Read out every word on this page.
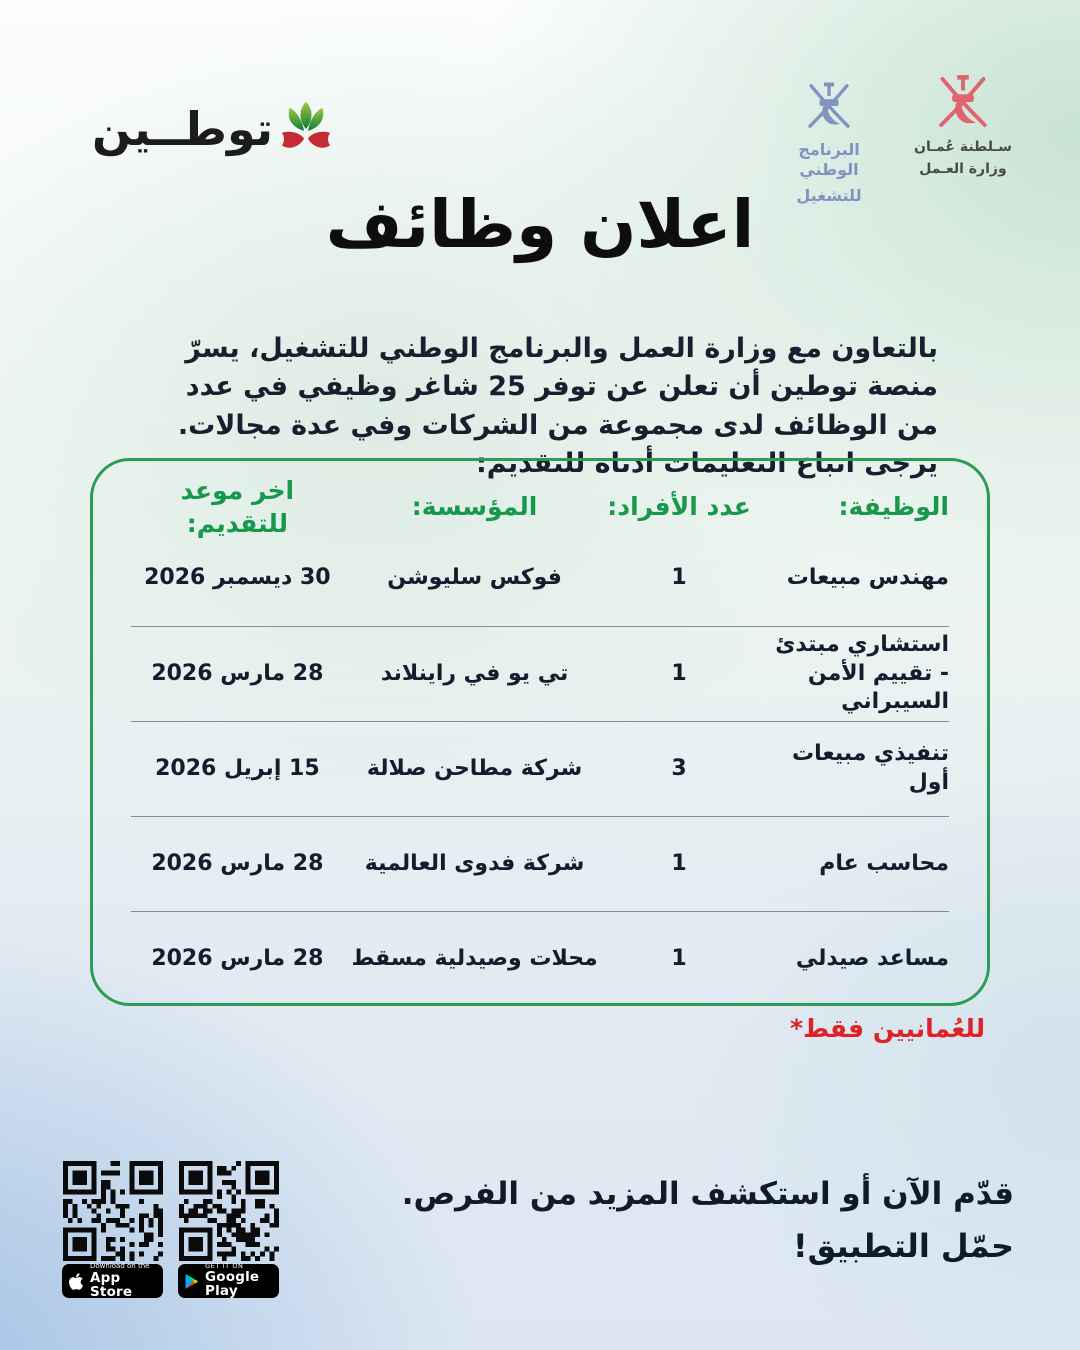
توطــين	البرنامج الوطني
للتشغيل
سـلطنة عُمـان
وزارة العـمل
اعلان وظائف

بالتعاون مع وزارة العمل والبرنامج الوطني للتشغيل، يسرّ منصة توطين أن تعلن عن توفر 25 شاغر وظيفي في عدد من الوظائف لدى مجموعة من الشركات وفي عدة مجالات.

يرجى اتباع التعليمات أدناه للتقديم:

الوظيفة:
عدد الأفراد:
المؤسسة:
اخر موعد للتقديم:
مهندس مبيعات
1
فوكس سليوشن
30 ديسمبر 2026
استشاري مبتدئ - تقييم الأمن السيبراني
1
تي يو في راينلاند
28 مارس 2026
تنفيذي مبيعات أول
3
شركة مطاحن صلالة
15 إبريل 2026
محاسب عام
1
شركة فدوى العالمية
28 مارس 2026
مساعد صيدلي
1
محلات وصيدلية مسقط
28 مارس 2026
للعُمانيين فقط*
قدّم الآن أو استكشف المزيد من الفرص.
حمّل التطبيق!
Download on the
App Store
GET IT ON
Google Play
